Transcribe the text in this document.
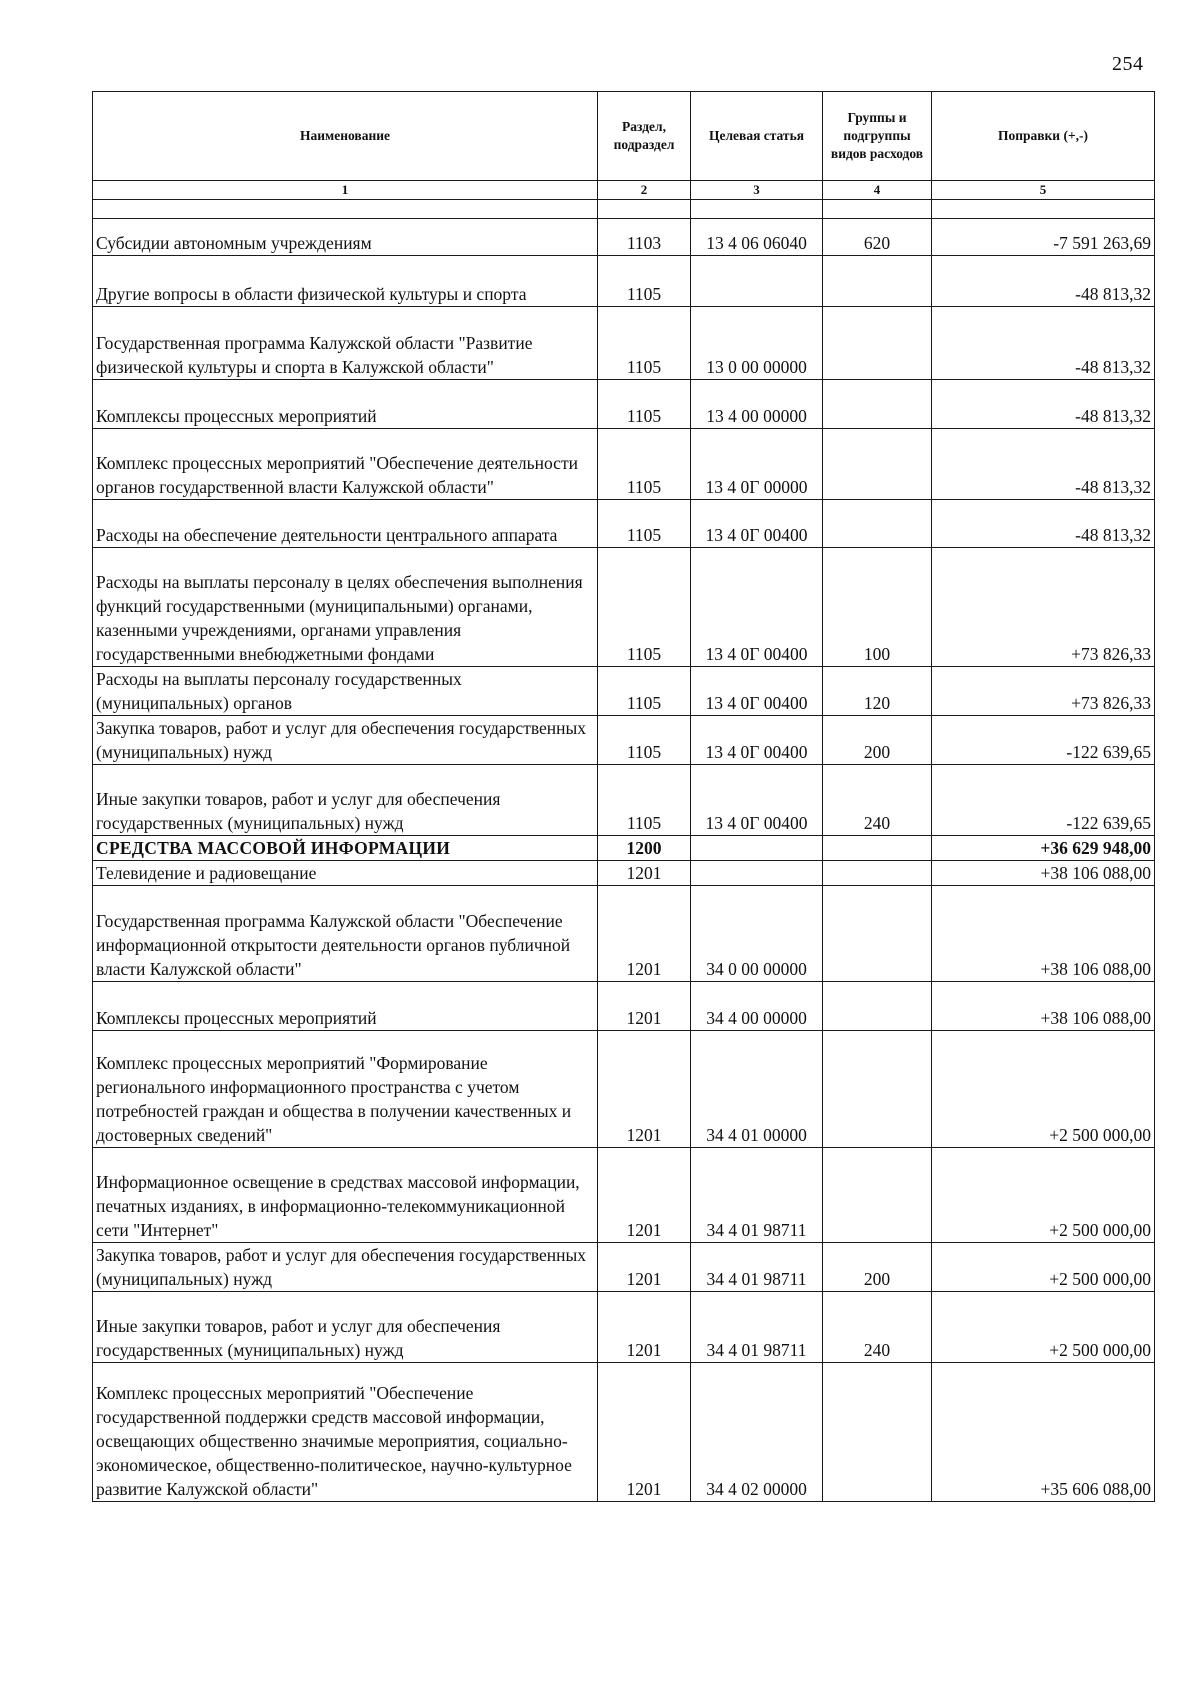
254
Наименование	Раздел, подраздел	Целевая статья	Группы и подгруппы видов расходов	Поправки (+,-)
1	2	3	4	5

Субсидии автономным учреждениям	1103	13 4 06 06040	620	-7 591 263,69
Другие вопросы в области физической культуры и спорта	1105			-48 813,32
Государственная программа Калужской области "Развитие физической культуры и спорта в Калужской области"	1105	13 0 00 00000		-48 813,32
Комплексы процессных мероприятий	1105	13 4 00 00000		-48 813,32
Комплекс процессных мероприятий "Обеспечение деятельности органов государственной власти Калужской области"	1105	13 4 0Г 00000		-48 813,32
Расходы на обеспечение деятельности центрального аппарата	1105	13 4 0Г 00400		-48 813,32
Расходы на выплаты персоналу в целях обеспечения выполнения функций государственными (муниципальными) органами, казенными учреждениями, органами управления государственными внебюджетными фондами	1105	13 4 0Г 00400	100	+73 826,33
Расходы на выплаты персоналу государственных (муниципальных) органов	1105	13 4 0Г 00400	120	+73 826,33
Закупка товаров, работ и услуг для обеспечения государственных (муниципальных) нужд	1105	13 4 0Г 00400	200	-122 639,65
Иные закупки товаров, работ и услуг для обеспечения государственных (муниципальных) нужд	1105	13 4 0Г 00400	240	-122 639,65
СРЕДСТВА МАССОВОЙ ИНФОРМАЦИИ	1200			+36 629 948,00
Телевидение и радиовещание	1201			+38 106 088,00
Государственная программа Калужской области "Обеспечение информационной открытости деятельности органов публичной власти Калужской области"	1201	34 0 00 00000		+38 106 088,00
Комплексы процессных мероприятий	1201	34 4 00 00000		+38 106 088,00
Комплекс процессных мероприятий "Формирование регионального информационного пространства с учетом потребностей граждан и общества в получении качественных и достоверных сведений"	1201	34 4 01 00000		+2 500 000,00
Информационное освещение в средствах массовой информации, печатных изданиях, в информационно-телекоммуникационной сети "Интернет"	1201	34 4 01 98711		+2 500 000,00
Закупка товаров, работ и услуг для обеспечения государственных (муниципальных) нужд	1201	34 4 01 98711	200	+2 500 000,00
Иные закупки товаров, работ и услуг для обеспечения государственных (муниципальных) нужд	1201	34 4 01 98711	240	+2 500 000,00
Комплекс процессных мероприятий "Обеспечение государственной поддержки средств массовой информации, освещающих общественно значимые мероприятия, социально-экономическое, общественно-политическое, научно-культурное развитие Калужской области"	1201	34 4 02 00000		+35 606 088,00
